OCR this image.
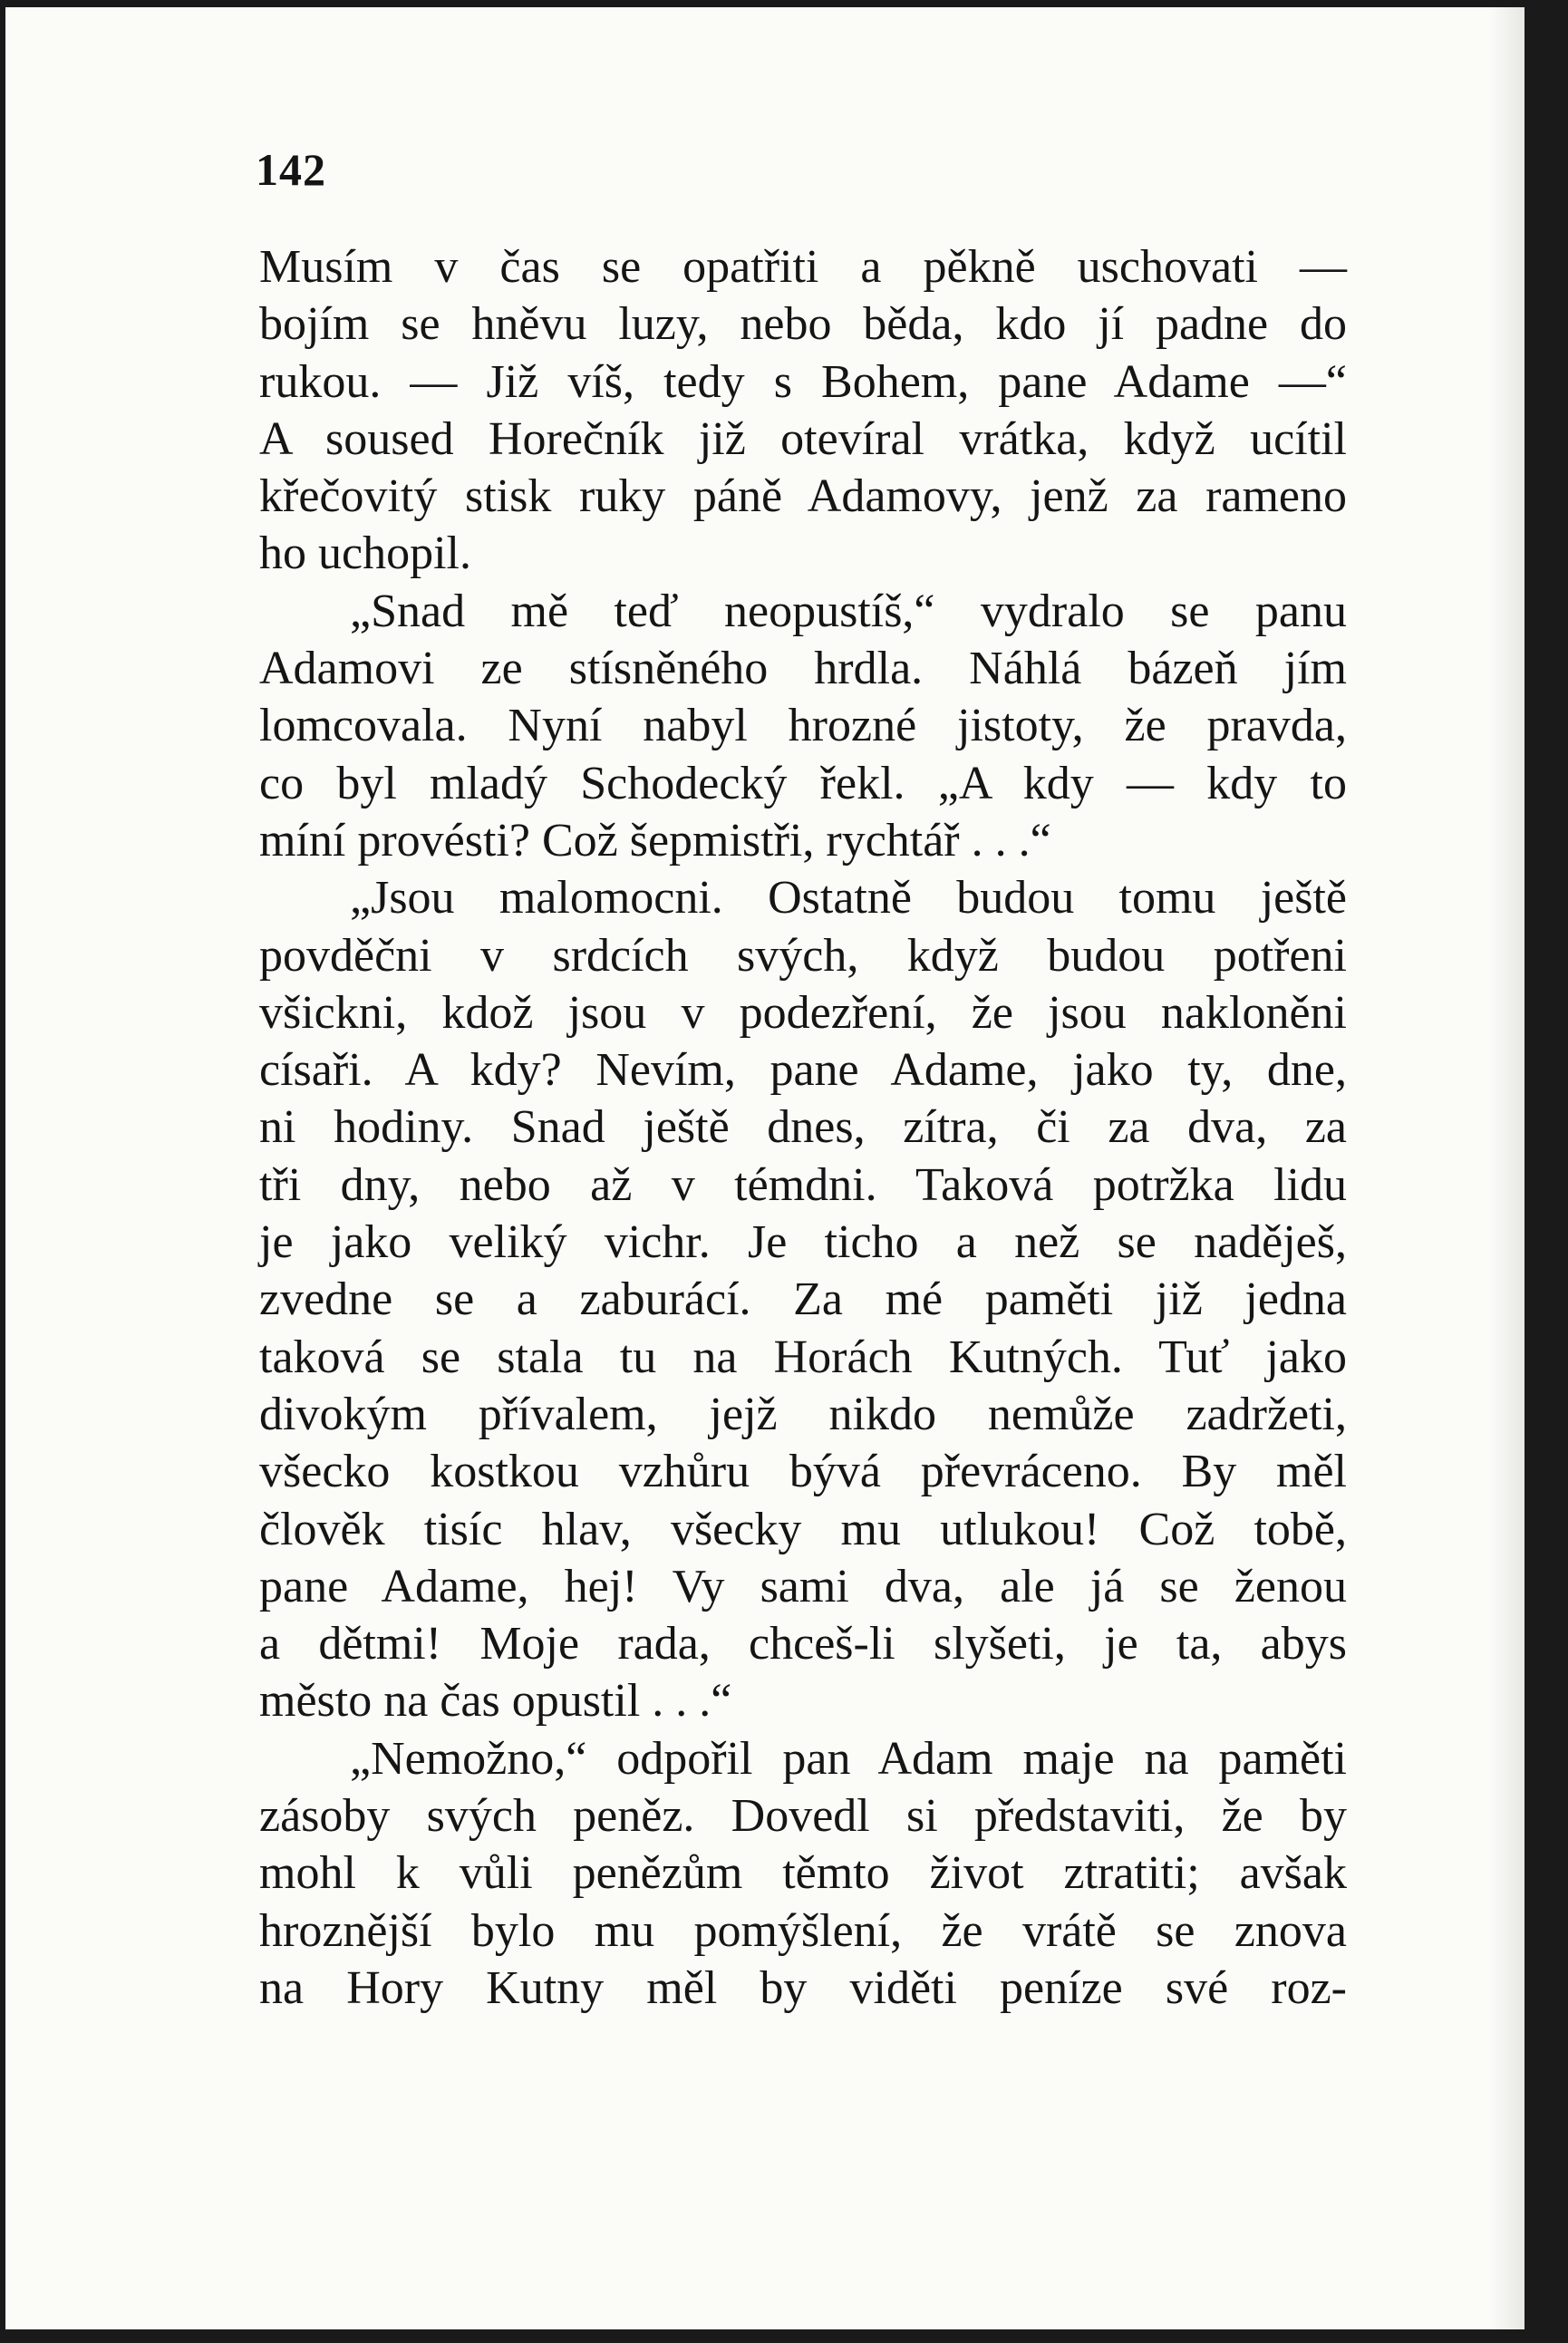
142
Musím v čas se opatřiti a pěkně uschovati —
bojím se hněvu luzy, nebo běda, kdo jí padne do
rukou. — Již víš, tedy s Bohem, pane Adame —“
A soused Horečník již otevíral vrátka, když ucítil
křečovitý stisk ruky páně Adamovy, jenž za rameno
ho uchopil.
„Snad mě teď neopustíš,“ vydralo se panu
Adamovi ze stísněného hrdla. Náhlá bázeň jím
lomcovala. Nyní nabyl hrozné jistoty, že pravda,
co byl mladý Schodecký řekl. „A kdy — kdy to
míní provésti? Což šepmistři, rychtář . . .“
„Jsou malomocni. Ostatně budou tomu ještě
povděčni v srdcích svých, když budou potřeni
všickni, kdož jsou v podezření, že jsou nakloněni
císaři. A kdy? Nevím, pane Adame, jako ty, dne,
ni hodiny. Snad ještě dnes, zítra, či za dva, za
tři dny, nebo až v témdni. Taková potržka lidu
je jako veliký vichr. Je ticho a než se naděješ,
zvedne se a zaburácí. Za mé paměti již jedna
taková se stala tu na Horách Kutných. Tuť jako
divokým přívalem, jejž nikdo nemůže zadržeti,
všecko kostkou vzhůru bývá převráceno. By měl
člověk tisíc hlav, všecky mu utlukou! Což tobě,
pane Adame, hej! Vy sami dva, ale já se ženou
a dětmi! Moje rada, chceš-li slyšeti, je ta, abys
město na čas opustil . . .“
„Nemožno,“ odpořil pan Adam maje na paměti
zásoby svých peněz. Dovedl si představiti, že by
mohl k vůli penězům těmto život ztratiti; avšak
hroznější bylo mu pomýšlení, že vrátě se znova
na Hory Kutny měl by viděti peníze své roz-
